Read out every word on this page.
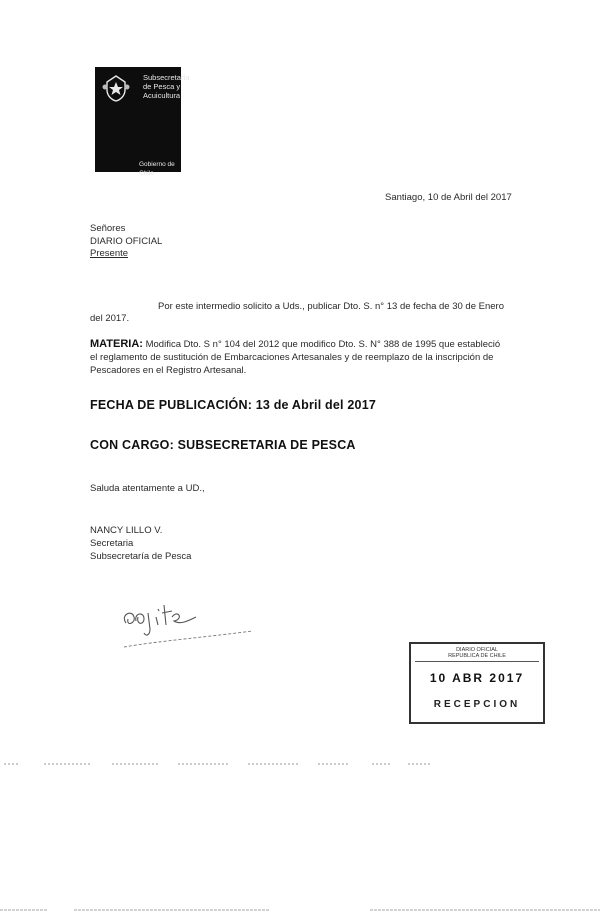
Subsecretaría
de Pesca y
Acuicultura
Gobierno de Chile
Santiago, 10 de Abril del 2017
Señores
DIARIO OFICIAL
Presente
Por este intermedio solicito a Uds., publicar Dto. S. n° 13 de fecha de 30 de Enero
del 2017.
MATERIA: Modifica Dto. S n° 104 del 2012 que modifico Dto. S. N° 388 de 1995 que estableció
el reglamento de sustitución de Embarcaciones Artesanales y de reemplazo de la inscripción de
Pescadores en el Registro Artesanal.
FECHA DE PUBLICACIÓN: 13 de Abril del 2017
CON CARGO: SUBSECRETARIA DE PESCA
Saluda atentamente a UD.,
NANCY LILLO V.
Secretaria
Subsecretaría de Pesca
DIARIO OFICIAL
REPUBLICA DE CHILE
10 ABR 2017
RECEPCION
